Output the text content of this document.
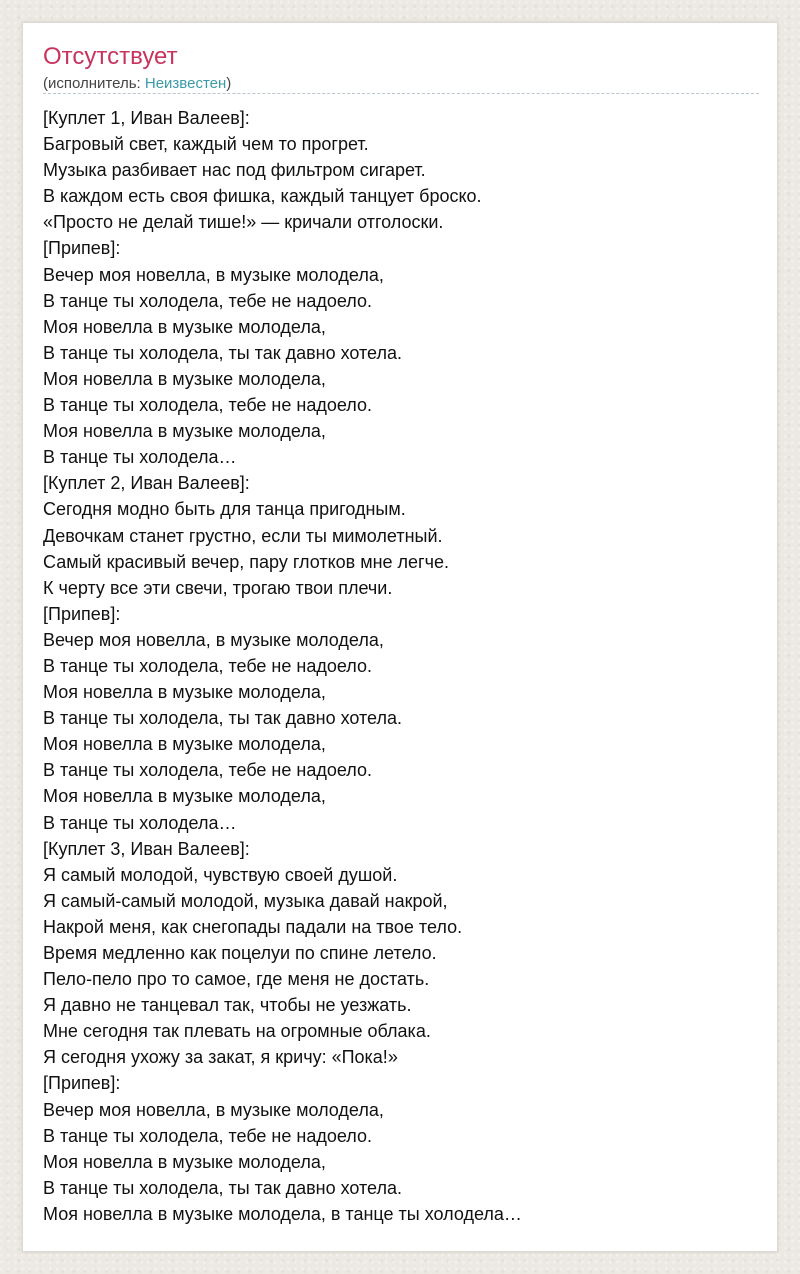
Отсутствует
(исполнитель: Неизвестен)
[Куплет 1, Иван Валеев]:
Багровый свет, каждый чем то прогрет.
Музыка разбивает нас под фильтром сигарет.
В каждом есть своя фишка, каждый танцует броско.
«Просто не делай тише!» — кричали отголоски.
[Припев]:
Вечер моя новелла, в музыке молодела,
В танце ты холодела, тебе не надоело.
Моя новелла в музыке молодела,
В танце ты холодела, ты так давно хотела.
Моя новелла в музыке молодела,
В танце ты холодела, тебе не надоело.
Моя новелла в музыке молодела,
В танце ты холодела…
[Куплет 2, Иван Валеев]:
Сегодня модно быть для танца пригодным.
Девочкам станет грустно, если ты мимолетный.
Самый красивый вечер, пару глотков мне легче.
К черту все эти свечи, трогаю твои плечи.
[Припев]:
Вечер моя новелла, в музыке молодела,
В танце ты холодела, тебе не надоело.
Моя новелла в музыке молодела,
В танце ты холодела, ты так давно хотела.
Моя новелла в музыке молодела,
В танце ты холодела, тебе не надоело.
Моя новелла в музыке молодела,
В танце ты холодела…
[Куплет 3, Иван Валеев]:
Я самый молодой, чувствую своей душой.
Я самый-самый молодой, музыка давай накрой,
Накрой меня, как снегопады падали на твое тело.
Время медленно как поцелуи по спине летело.
Пело-пело про то самое, где меня не достать.
Я давно не танцевал так, чтобы не уезжать.
Мне сегодня так плевать на огромные облака.
Я сегодня ухожу за закат, я кричу: «Пока!»
[Припев]:
Вечер моя новелла, в музыке молодела,
В танце ты холодела, тебе не надоело.
Моя новелла в музыке молодела,
В танце ты холодела, ты так давно хотела.
Моя новелла в музыке молодела, в танце ты холодела…
